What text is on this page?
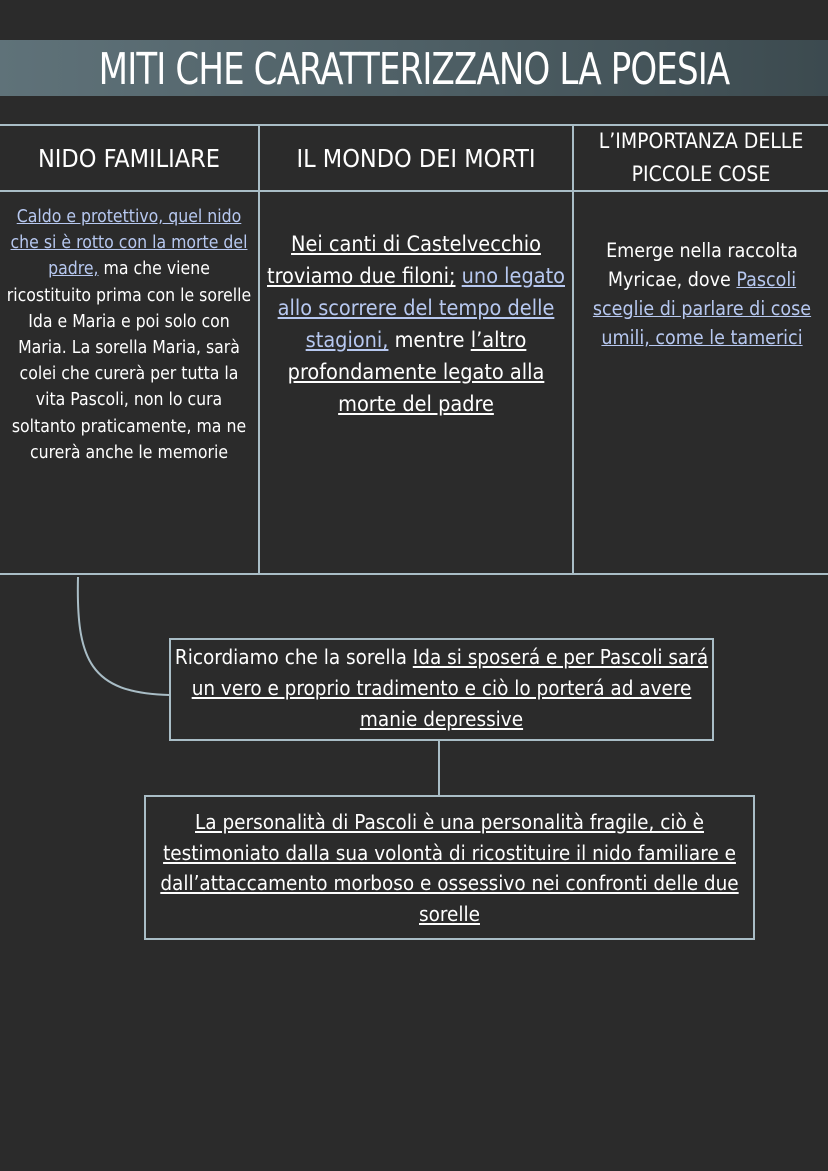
MITI CHE CARATTERIZZANO LA POESIA
NIDO FAMILIARE	IL MONDO DEI MORTI
L’IMPORTANZA DELLE PICCOLE COSE
Caldo e protettivo, quel nido che si è rotto con la morte del padre, ma che viene ricostituito prima con le sorelle Ida e Maria e poi solo con Maria. La sorella Maria, sarà colei che curerà per tutta la vita Pascoli, non lo cura soltanto praticamente, ma ne curerà anche le memorie
Nei canti di Castelvecchio troviamo due filoni; uno legato allo scorrere del tempo delle stagioni, mentre l’altro profondamente legato alla morte del padre
Emerge nella raccolta Myricae, dove Pascoli sceglie di parlare di cose umili, come le tamerici
Ricordiamo che la sorella Ida si sposerá e per Pascoli sará un vero e proprio tradimento e ciò lo porterá ad avere manie depressive
La personalità di Pascoli è una personalità fragile, ciò è testimoniato dalla sua volontà di ricostituire il nido familiare e dall’attaccamento morboso e ossessivo nei confronti delle due sorelle
